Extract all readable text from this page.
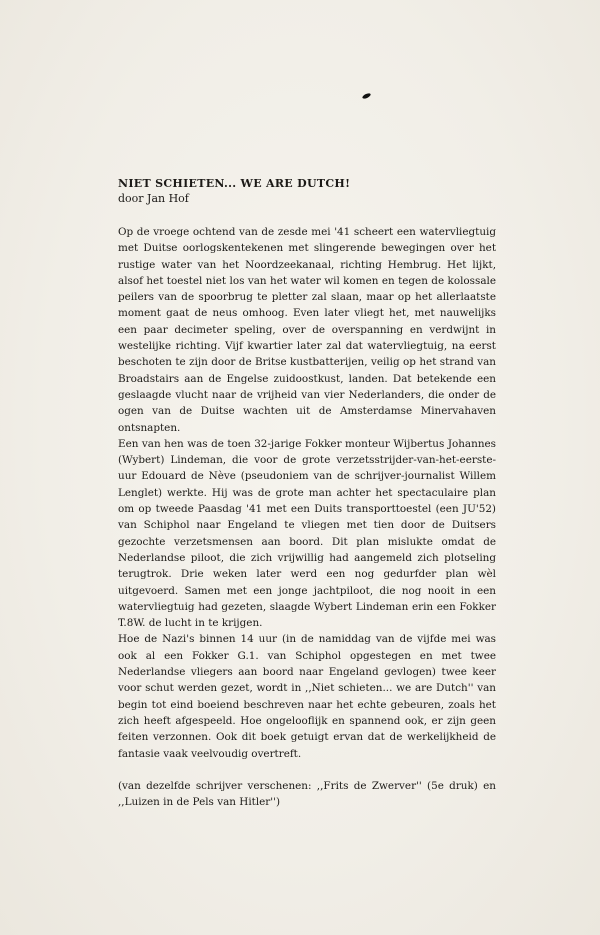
NIET SCHIETEN... WE ARE DUTCH!

door Jan Hof

Op de vroege ochtend van de zesde mei '41 scheert een watervliegtuig met Duitse oorlogskentekenen met slingerende bewegingen over het rustige water van het Noordzeekanaal, richting Hembrug. Het lijkt, alsof het toestel niet los van het water wil komen en tegen de kolossale peilers van de spoorbrug te pletter zal slaan, maar op het allerlaatste moment gaat de neus omhoog. Even later vliegt het, met nauwelijks een paar decimeter speling, over de overspanning en verdwijnt in westelijke richting. Vijf kwartier later zal dat watervliegtuig, na eerst beschoten te zijn door de Britse kustbatterijen, veilig op het strand van Broadstairs aan de Engelse zuidoostkust, landen. Dat betekende een geslaagde vlucht naar de vrijheid van vier Nederlanders, die onder de ogen van de Duitse wachten uit de Amsterdamse Minervahaven ontsnapten.

Een van hen was de toen 32-jarige Fokker monteur Wijbertus Johannes (Wybert) Lindeman, die voor de grote verzetsstrijder-van-het-eerste-uur Edouard de Nève (pseudoniem van de schrijver-journalist Willem Lenglet) werkte. Hij was de grote man achter het spectaculaire plan om op tweede Paasdag '41 met een Duits transporttoestel (een JU'52) van Schiphol naar Engeland te vliegen met tien door de Duitsers gezochte verzetsmensen aan boord. Dit plan mislukte omdat de Nederlandse piloot, die zich vrijwillig had aangemeld zich plotseling terugtrok. Drie weken later werd een nog gedurfder plan wèl uitgevoerd. Samen met een jonge jachtpiloot, die nog nooit in een watervliegtuig had gezeten, slaagde Wybert Lindeman erin een Fokker T.8W. de lucht in te krijgen.

Hoe de Nazi's binnen 14 uur (in de namiddag van de vijfde mei was ook al een Fokker G.1. van Schiphol opgestegen en met twee Nederlandse vliegers aan boord naar Engeland gevlogen) twee keer voor schut werden gezet, wordt in ,,Niet schieten... we are Dutch'' van begin tot eind boeiend beschreven naar het echte gebeuren, zoals het zich heeft afgespeeld. Hoe ongelooflijk en spannend ook, er zijn geen feiten verzonnen. Ook dit boek getuigt ervan dat de werkelijkheid de fantasie vaak veelvoudig overtreft.

(van dezelfde schrijver verschenen: ,,Frits de Zwerver'' (5e druk) en ,,Luizen in de Pels van Hitler'')
